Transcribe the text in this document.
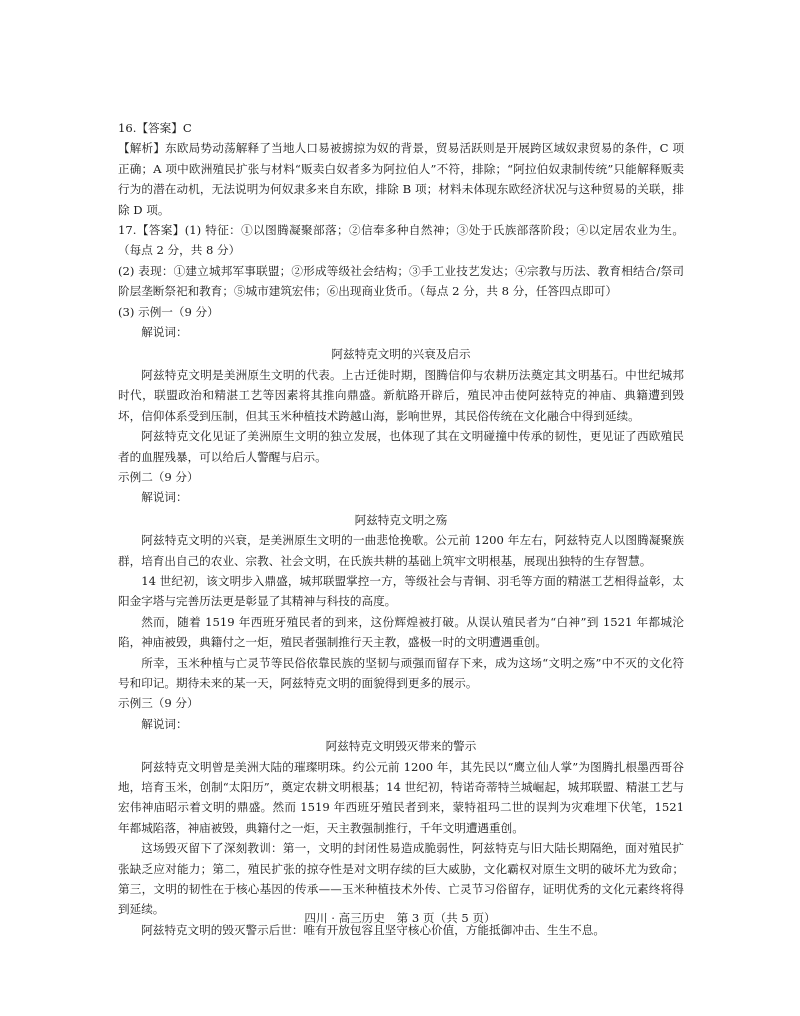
16.【答案】C

【解析】东欧局势动荡解释了当地人口易被掳掠为奴的背景，贸易活跃则是开展跨区域奴隶贸易的条件，C 项正确；A 项中欧洲殖民扩张与材料“贩卖白奴者多为阿拉伯人”不符，排除；“阿拉伯奴隶制传统”只能解释贩卖行为的潜在动机，无法说明为何奴隶多来自东欧，排除 B 项；材料未体现东欧经济状况与这种贸易的关联，排除 D 项。

17.【答案】(1) 特征：①以图腾凝聚部落；②信奉多种自然神；③处于氏族部落阶段；④以定居农业为生。（每点 2 分，共 8 分）

(2) 表现：①建立城邦军事联盟；②形成等级社会结构；③手工业技艺发达；④宗教与历法、教育相结合/祭司阶层垄断祭祀和教育；⑤城市建筑宏伟；⑥出现商业货币。（每点 2 分，共 8 分，任答四点即可）

(3) 示例一（9 分）

解说词：

阿兹特克文明的兴衰及启示

阿兹特克文明是美洲原生文明的代表。上古迁徙时期，图腾信仰与农耕历法奠定其文明基石。中世纪城邦时代，联盟政治和精湛工艺等因素将其推向鼎盛。新航路开辟后，殖民冲击使阿兹特克的神庙、典籍遭到毁坏，信仰体系受到压制，但其玉米种植技术跨越山海，影响世界，其民俗传统在文化融合中得到延续。

阿兹特克文化见证了美洲原生文明的独立发展，也体现了其在文明碰撞中传承的韧性，更见证了西欧殖民者的血腥残暴，可以给后人警醒与启示。

示例二（9 分）

解说词：

阿兹特克文明之殇

阿兹特克文明的兴衰，是美洲原生文明的一曲悲怆挽歌。公元前 1200 年左右，阿兹特克人以图腾凝聚族群，培育出自己的农业、宗教、社会文明，在氏族共耕的基础上筑牢文明根基，展现出独特的生存智慧。

14 世纪初，该文明步入鼎盛，城邦联盟掌控一方，等级社会与青铜、羽毛等方面的精湛工艺相得益彰，太阳金字塔与完善历法更是彰显了其精神与科技的高度。

然而，随着 1519 年西班牙殖民者的到来，这份辉煌被打破。从误认殖民者为“白神”到 1521 年都城沦陷，神庙被毁，典籍付之一炬，殖民者强制推行天主教，盛极一时的文明遭遇重创。

所幸，玉米种植与亡灵节等民俗依靠民族的坚韧与顽强而留存下来，成为这场“文明之殇”中不灭的文化符号和印记。期待未来的某一天，阿兹特克文明的面貌得到更多的展示。

示例三（9 分）

解说词：

阿兹特克文明毁灭带来的警示

阿兹特克文明曾是美洲大陆的璀璨明珠。约公元前 1200 年，其先民以“鹰立仙人掌”为图腾扎根墨西哥谷地，培育玉米，创制“太阳历”，奠定农耕文明根基；14 世纪初，特诺奇蒂特兰城崛起，城邦联盟、精湛工艺与宏伟神庙昭示着文明的鼎盛。然而 1519 年西班牙殖民者到来，蒙特祖玛二世的误判为灾难埋下伏笔，1521 年都城陷落，神庙被毁，典籍付之一炬，天主教强制推行，千年文明遭遇重创。

这场毁灭留下了深刻教训：第一，文明的封闭性易造成脆弱性，阿兹特克与旧大陆长期隔绝，面对殖民扩张缺乏应对能力；第二，殖民扩张的掠夺性是对文明存续的巨大威胁，文化霸权对原生文明的破坏尤为致命；第三，文明的韧性在于核心基因的传承——玉米种植技术外传、亡灵节习俗留存，证明优秀的文化元素终将得到延续。

阿兹特克文明的毁灭警示后世：唯有开放包容且坚守核心价值，方能抵御冲击、生生不息。

四川 · 高三历史　第 3 页（共 5 页）
